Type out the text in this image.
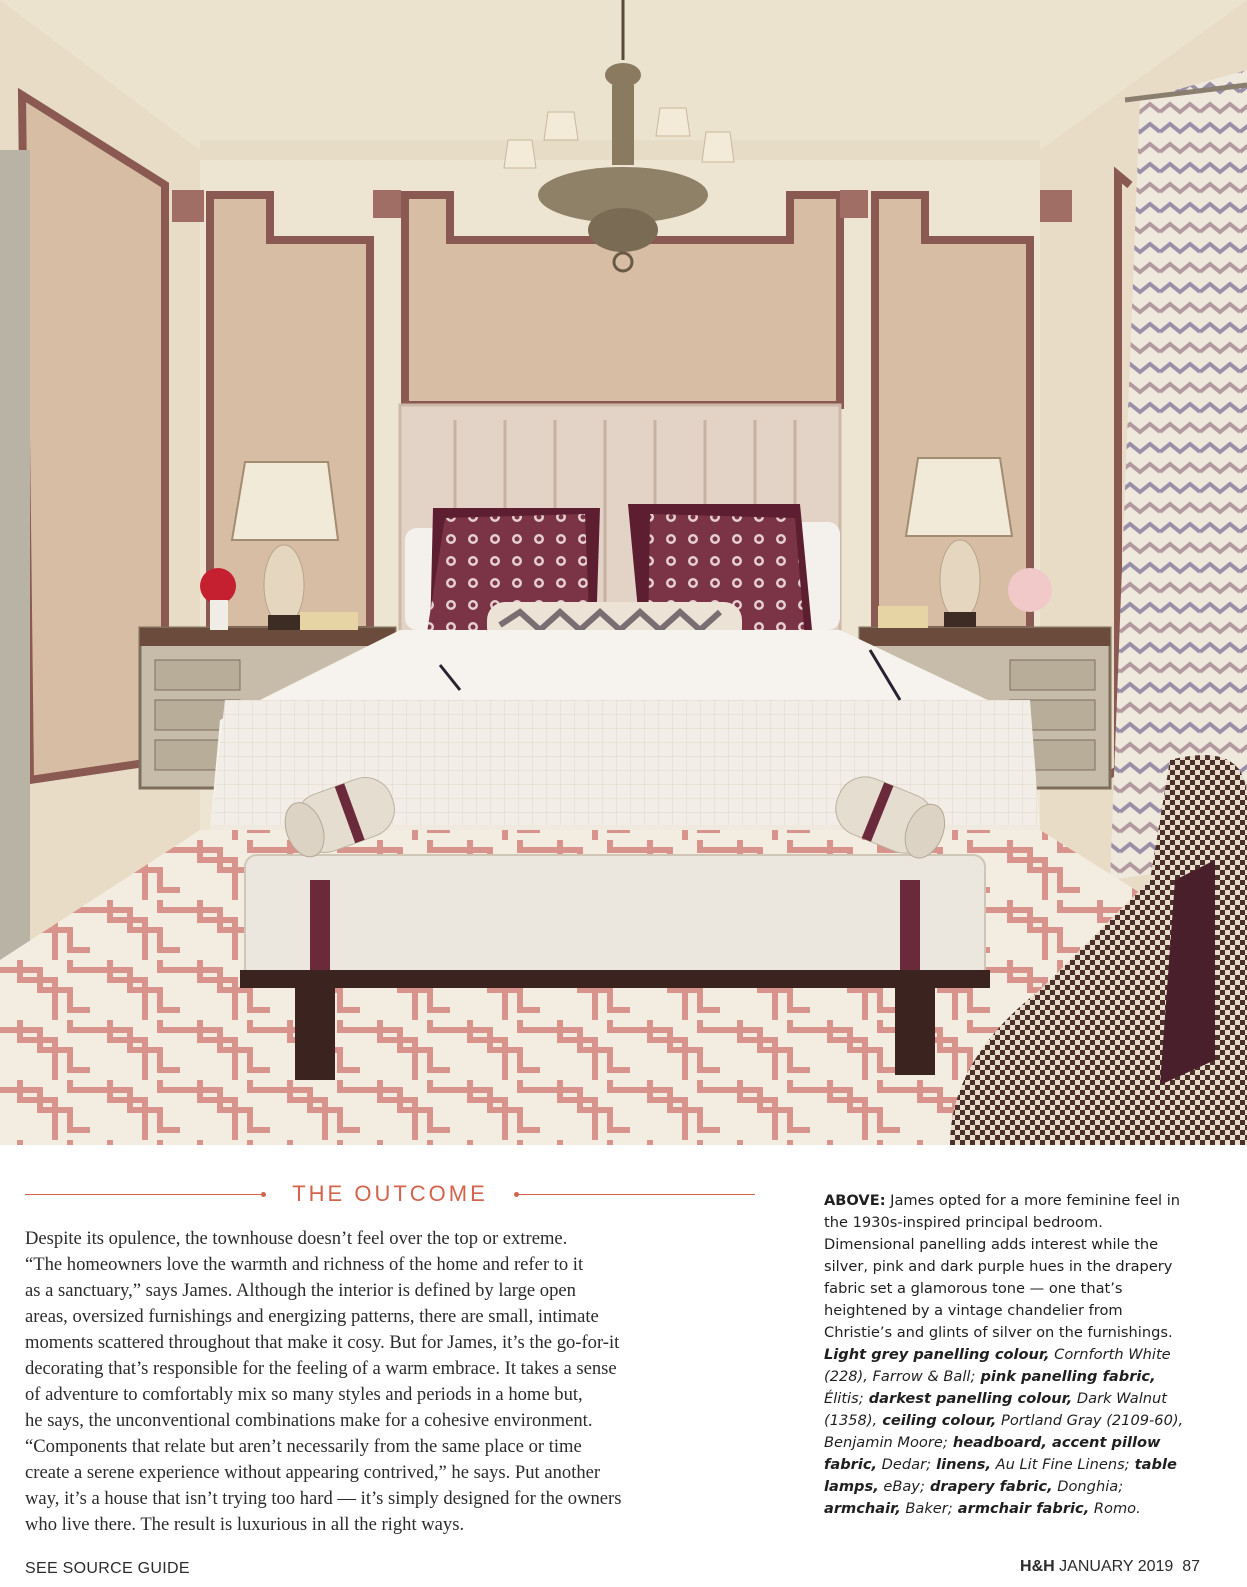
THE OUTCOME
Despite its opulence, the townhouse doesn’t feel over the top or extreme.
“The homeowners love the warmth and richness of the home and refer to it
as a sanctuary,” says James. Although the interior is defined by large open
areas, oversized furnishings and energizing patterns, there are small, intimate
moments scattered throughout that make it cosy. But for James, it’s the go-for-it
decorating that’s responsible for the feeling of a warm embrace. It takes a sense
of adventure to comfortably mix so many styles and periods in a home but,
he says, the unconventional combinations make for a cohesive environment.
“Components that relate but aren’t necessarily from the same place or time
create a serene experience without appearing contrived,” he says. Put another
way, it’s a house that isn’t trying too hard — it’s simply designed for the owners
who live there. The result is luxurious in all the right ways.

ABOVE: James opted for a more feminine feel in the 1930s-inspired principal bedroom. Dimensional panelling adds interest while the silver, pink and dark purple hues in the drapery fabric set a glamorous tone — one that’s heightened by a vintage chandelier from Christie’s and glints of silver on the furnishings. Light grey panelling colour, Cornforth White (228), Farrow & Ball; pink panelling fabric, Élitis; darkest panelling colour, Dark Walnut (1358), ceiling colour, Portland Gray (2109-60), Benjamin Moore; headboard, accent pillow fabric, Dedar; linens, Au Lit Fine Linens; table lamps, eBay; drapery fabric, Donghia; armchair, Baker; armchair fabric, Romo.

SEE SOURCE GUIDE	H&H JANUARY 2019 87
